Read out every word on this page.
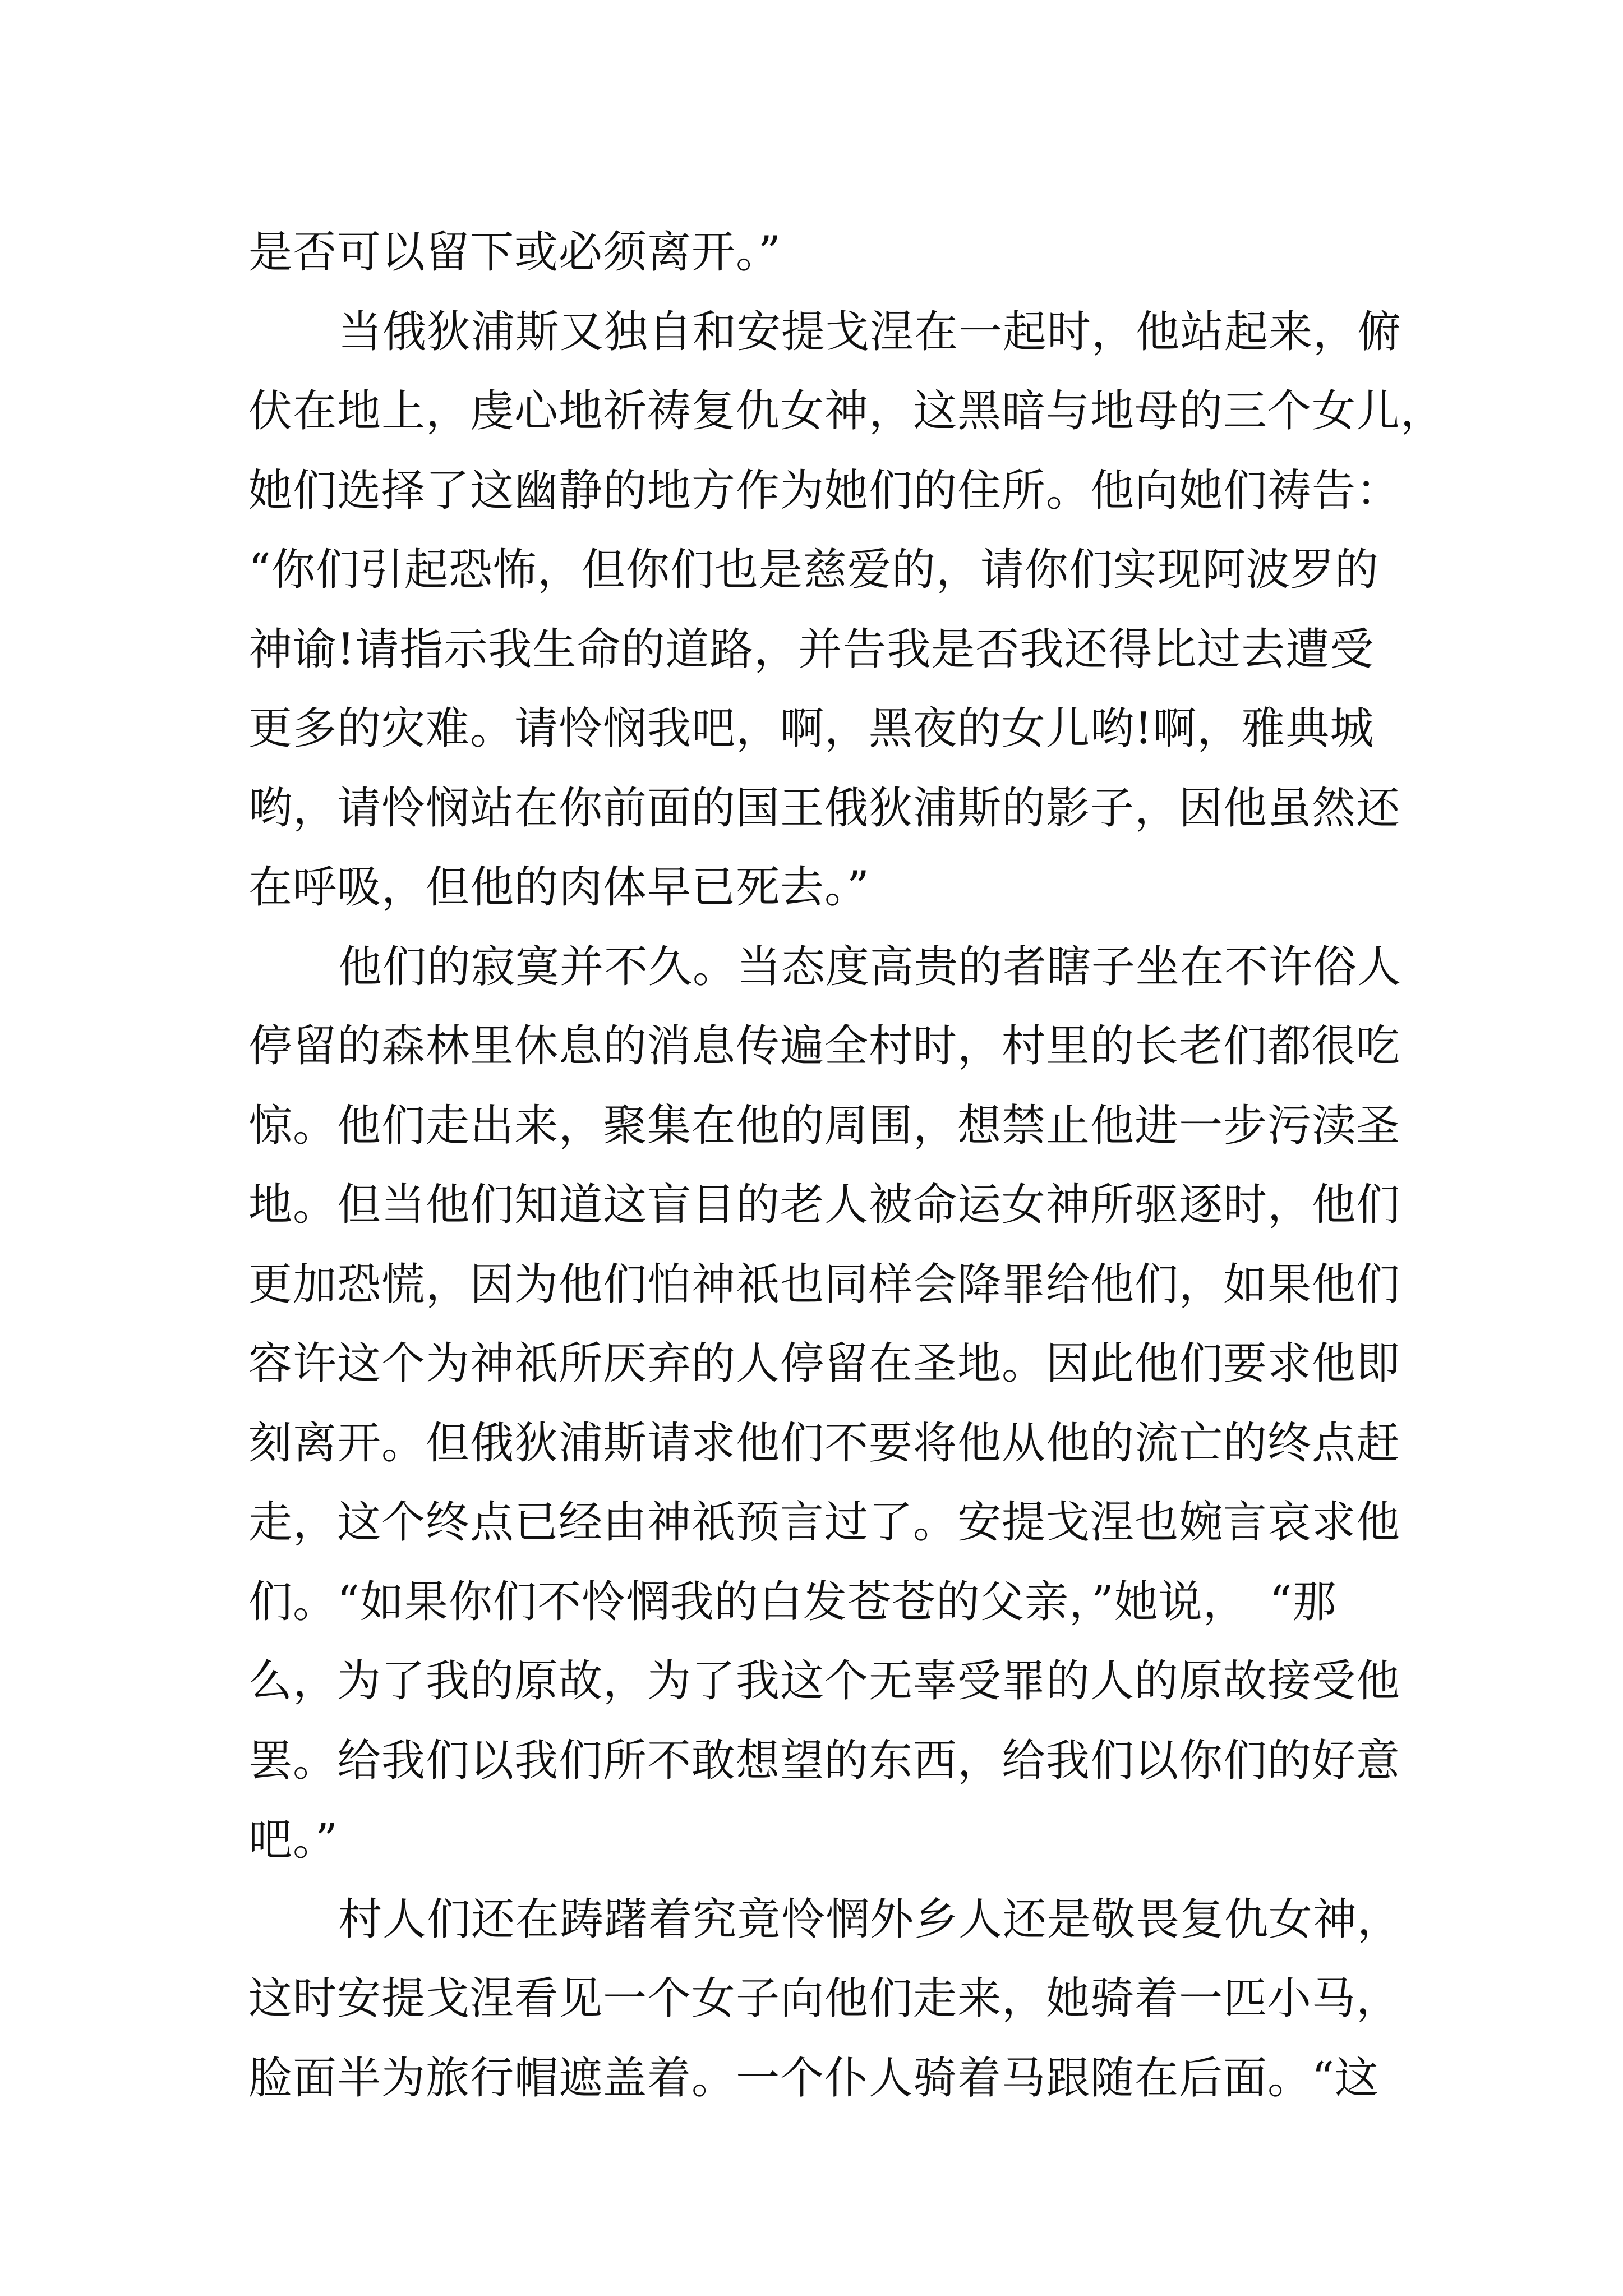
是否可以留下或必须离开。”
当俄狄浦斯又独自和安提戈涅在一起时，他站起来，俯
伏在地上，虔心地祈祷复仇女神，这黑暗与地母的三个女儿，
她们选择了这幽静的地方作为她们的住所。他向她们祷告：
“你们引起恐怖，但你们也是慈爱的，请你们实现阿波罗的
神谕!请指示我生命的道路，并告我是否我还得比过去遭受
更多的灾难。请怜悯我吧，啊，黑夜的女儿哟!啊，雅典城
哟，请怜悯站在你前面的国王俄狄浦斯的影子，因他虽然还
在呼吸，但他的肉体早已死去。”
他们的寂寞并不久。当态度高贵的者瞎子坐在不许俗人
停留的森林里休息的消息传遍全村时，村里的长老们都很吃
惊。他们走出来，聚集在他的周围，想禁止他进一步污渎圣
地。但当他们知道这盲目的老人被命运女神所驱逐时，他们
更加恐慌，因为他们怕神祇也同样会降罪给他们，如果他们
容许这个为神祇所厌弃的人停留在圣地。因此他们要求他即
刻离开。但俄狄浦斯请求他们不要将他从他的流亡的终点赶
走，这个终点已经由神祇预言过了。安提戈涅也婉言哀求他
们。“如果你们不怜惘我的白发苍苍的父亲，”她说，　“那
么，为了我的原故，为了我这个无辜受罪的人的原故接受他
罢。给我们以我们所不敢想望的东西，给我们以你们的好意
吧。”
村人们还在踌躇着究竟怜惘外乡人还是敬畏复仇女神，
这时安提戈涅看见一个女子向他们走来，她骑着一匹小马，
脸面半为旅行帽遮盖着。一个仆人骑着马跟随在后面。“这
